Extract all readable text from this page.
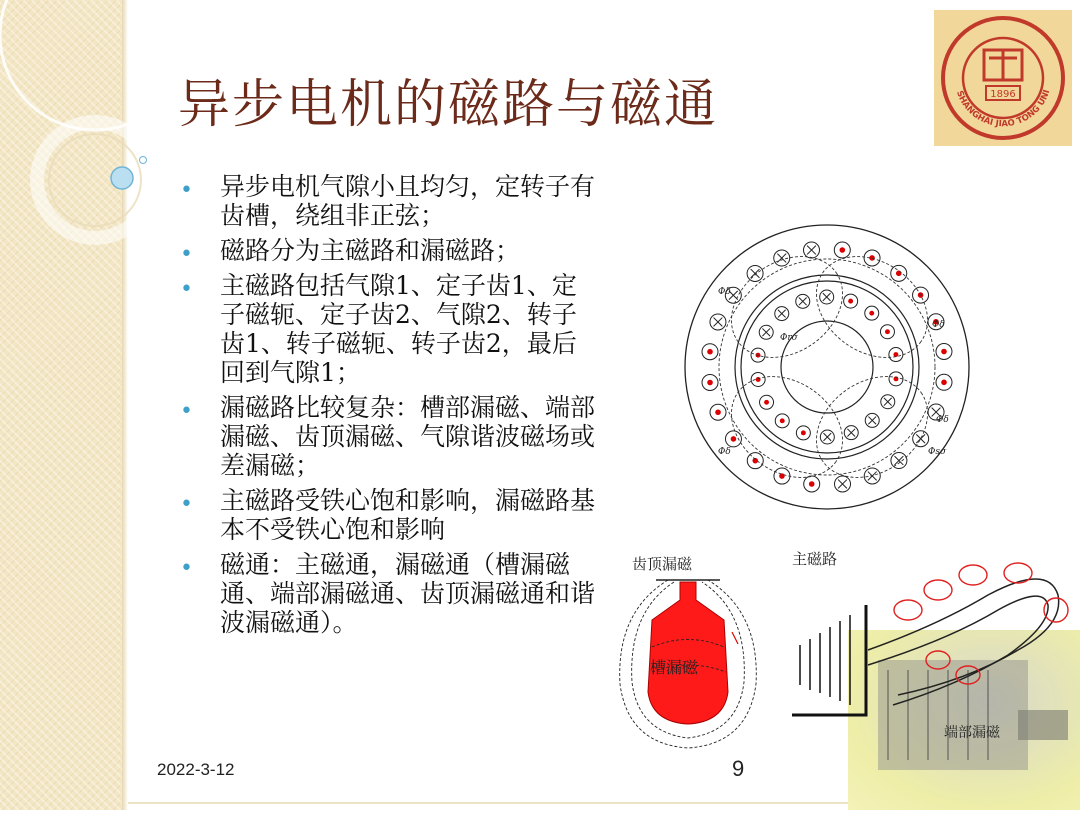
异步电机的磁路与磁通	1896
SHANGHAI JIAO TONG UNI
• 异步电机气隙小且均匀，定转子有齿槽，绕组非正弦；
• 磁路分为主磁路和漏磁路；
• 主磁路包括气隙1、定子齿1、定子磁轭、定子齿2、气隙2、转子齿1、转子磁轭、转子齿2，最后回到气隙1；
• 漏磁路比较复杂：槽部漏磁、端部漏磁、齿顶漏磁、气隙谐波磁场或差漏磁；
• 主磁路受铁心饱和影响，漏磁路基本不受铁心饱和影响
• 磁通：主磁通，漏磁通（槽漏磁通、端部漏磁通、齿顶漏磁通和谐波漏磁通）。
Φδ
Φδ
Φδ
Φδ
Φrσ
Φsσ
齿顶漏磁
槽漏磁
主磁路
端部漏磁
2022-3-12	9
